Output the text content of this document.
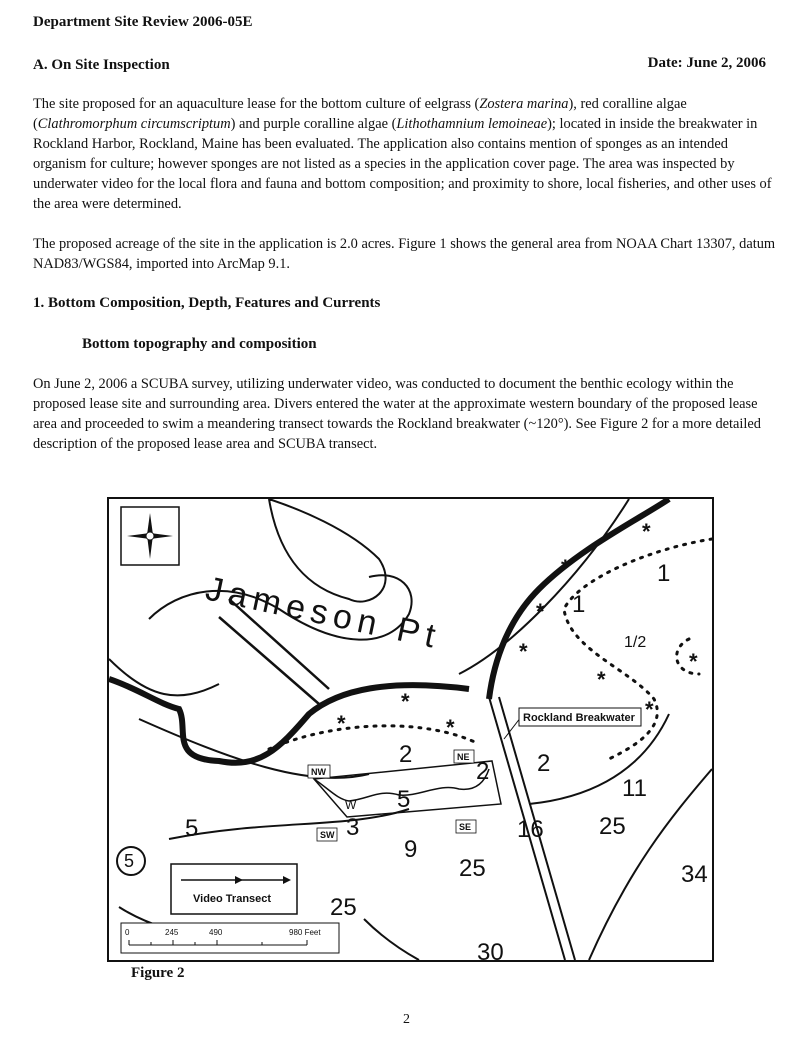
Department Site Review 2006-05E
A. On Site Inspection	Date: June 2, 2006
The site proposed for an aquaculture lease for the bottom culture of eelgrass (Zostera marina), red coralline algae (Clathromorphum circumscriptum) and purple coralline algae (Lithothamnium lemoineae); located in inside the breakwater in Rockland Harbor, Rockland, Maine has been evaluated. The application also contains mention of sponges as an intended organism for culture; however sponges are not listed as a species in the application cover page. The area was inspected by underwater video for the local flora and fauna and bottom composition; and proximity to shore, local fisheries, and other uses of the area were determined.
The proposed acreage of the site in the application is 2.0 acres. Figure 1 shows the general area from NOAA Chart 13307, datum NAD83/WGS84, imported into ArcMap 9.1.
1. Bottom Composition, Depth, Features and Currents
Bottom topography and composition
On June 2, 2006 a SCUBA survey, utilizing underwater video, was conducted to document the benthic ecology within the proposed lease site and surrounding area. Divers entered the water at the approximate western boundary of the proposed lease area and proceeded to swim a meandering transect towards the Rockland breakwater (~120°). See Figure 2 for a more detailed description of the proposed lease area and SCUBA transect.
*
*
*
*
*
*
*
*
*	*
1
1
1/2
2	2
5
5	3
9
25
16 25
34
2
25
30
11
5
W
Jameson Pt
Rockland Breakwater
NW
NE
SW
SE
Video Transect
0	245	490	980 Feet
Figure 2
2
